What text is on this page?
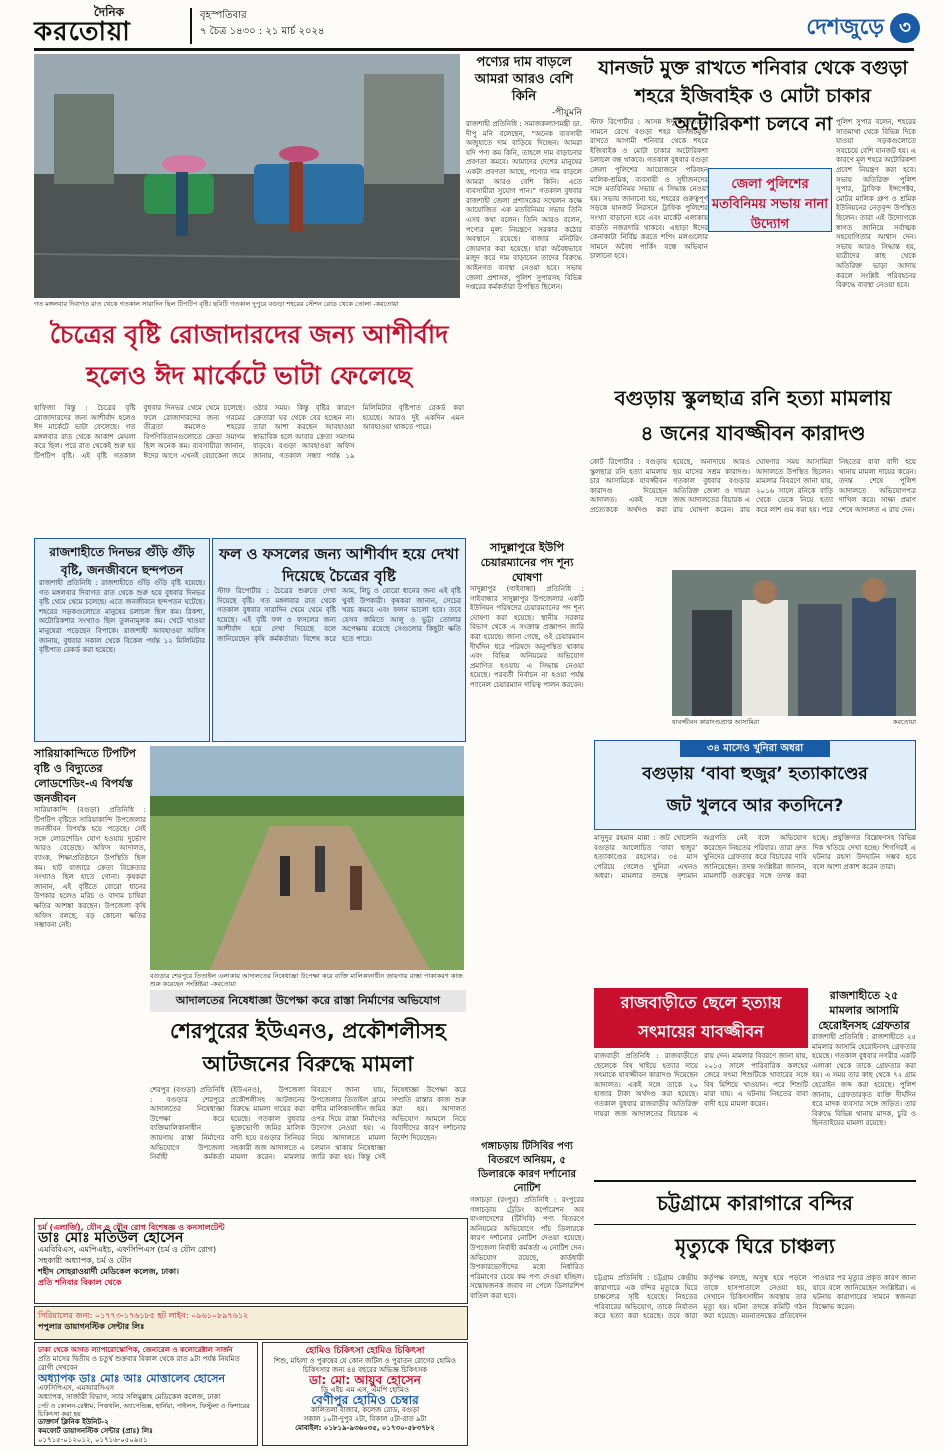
দৈনিক
করতোয়া
বৃহস্পতিবার
৭ চৈত্র ১৪৩০ : ২১ মার্চ ২০২৪	দেশজুড়ে ৩
গত মঙ্গলবার দিবাগত রাত থেকে গতকাল সারাদিন ছিল টিপটিপ বৃষ্টি। ছবিটি গতকাল দুপুরে বগুড়া শহরের স্টেশন রোড থেকে তোলা -করতোয়া
পণ্যের দাম বাড়লে আমরা আরও বেশি কিনি
-পীযুমনি
রাজশাহী প্রতিনিধি : সমাজকল্যাণমন্ত্রী ডা. দীপু মনি বলেছেন, “অনেক ব্যবসায়ী অজুহাতে দাম বাড়িয়ে দিচ্ছেন। আমরা যদি পণ্য কম কিনি, তাহলে দাম বাড়ানোর প্রবণতা কমবে। আমাদের দেশের মানুষের একটা প্রবণতা আছে, পণ্যের দাম বাড়লে আমরা আরও বেশি কিনি। এতে ব্যবসায়ীরা সুযোগ পান।” গতকাল বুধবার রাজশাহী জেলা প্রশাসকের সম্মেলন কক্ষে আয়োজিত এক মতবিনিময় সভায় তিনি এসব কথা বলেন। তিনি আরও বলেন, পণ্যের মূল্য নিয়ন্ত্রণে সরকার কঠোর অবস্থানে রয়েছে। বাজার মনিটরিং জোরদার করা হয়েছে। যারা অবৈধভাবে মজুদ করে দাম বাড়াবেন তাদের বিরুদ্ধে আইনগত ব্যবস্থা নেওয়া হবে। সভায় জেলা প্রশাসক, পুলিশ সুপারসহ বিভিন্ন দপ্তরের কর্মকর্তারা উপস্থিত ছিলেন।
যানজট মুক্ত রাখতে শনিবার থেকে বগুড়া শহরে ইজিবাইক ও মোটা চাকার অটোরিকশা চলবে না
স্টাফ রিপোর্টার : আসন্ন ঈদুল ফিতরকে সামনে রেখে বগুড়া শহর যানজটমুক্ত রাখতে আগামী শনিবার থেকে শহরে ইজিবাইক ও মোটা চাকার অটোরিকশা চলাচল বন্ধ থাকবে। গতকাল বুধবার বগুড়া জেলা পুলিশের আয়োজনে পরিবহন মালিক-শ্রমিক, ব্যবসায়ী ও সুধীজনদের সঙ্গে মতবিনিময় সভায় এ সিদ্ধান্ত নেওয়া হয়। সভায় জানানো হয়, শহরের গুরুত্বপূর্ণ সড়কে যানজট নিরসনে ট্রাফিক পুলিশের সংখ্যা বাড়ানো হবে এবং মার্কেট এলাকায় বাড়তি নজরদারি থাকবে। এছাড়া ঈদের কেনাকাটা নির্বিঘ্ন করতে শপিং মলগুলোর সামনে অবৈধ পার্কিং বন্ধে অভিযান চালানো হবে।
জেলা পুলিশের মতবিনিময় সভায় নানা উদ্যোগ
পুলিশ সুপার বলেন, শহরের সাতমাথা থেকে বিভিন্ন দিকে যাওয়া সড়কগুলোতে সবচেয়ে বেশি যানজট হয়। এ কারণে মূল শহরে অটোরিকশা প্রবেশ নিয়ন্ত্রণ করা হবে। সভায় অতিরিক্ত পুলিশ সুপার, ট্রাফিক ইন্সপেক্টর, মোটর মালিক গ্রুপ ও শ্রমিক ইউনিয়নের নেতৃবৃন্দ উপস্থিত ছিলেন। তারা এই উদ্যোগকে স্বাগত জানিয়ে সর্বাত্মক সহযোগিতার আশ্বাস দেন। সভায় আরও সিদ্ধান্ত হয়, যাত্রীদের কাছ থেকে অতিরিক্ত ভাড়া আদায় করলে সংশ্লিষ্ট পরিবহনের বিরুদ্ধে ব্যবস্থা নেওয়া হবে।
চৈত্রের বৃষ্টি রোজাদারদের জন্য আশীর্বাদ
হলেও ঈদ মার্কেটে ভাটা ফেলেছে
হাফিজা বিন্তু : চৈত্রের বৃষ্টি রোজাদারদের জন্য আশীর্বাদ হলেও ঈদ মার্কেটে ভাটা ফেলেছে। গত মঙ্গলবার রাত থেকে আকাশ মেঘলা করে ছিল। পরে রাত থেকেই শুরু হয় টিপটিপ বৃষ্টি। এই বৃষ্টি গতকাল বুধবার দিনভর থেমে থেমে চলেছে। ফলে রোজাদারদের জন্য গরমের তীব্রতা কমলেও শহরের বিপণিবিতানগুলোতে ক্রেতা সমাগম ছিল অনেক কম। ব্যবসায়ীরা জানান, ঈদের আগে এখনই বেচাকেনা জমে ওঠার সময়। কিন্তু বৃষ্টির কারণে ক্রেতারা ঘর থেকে বের হচ্ছেন না। তারা আশা করছেন আবহাওয়া স্বাভাবিক হলে আবার ক্রেতা সমাগম বাড়বে। বগুড়া আবহাওয়া অফিস জানায়, গতকাল সন্ধ্যা পর্যন্ত ১৯ মিলিমিটার বৃষ্টিপাত রেকর্ড করা হয়েছে। আরও দুই একদিন এমন আবহাওয়া থাকতে পারে।
বগুড়ায় স্কুলছাত্র রনি হত্যা মামলায়
৪ জনের যাবজ্জীবন কারাদণ্ড
কোর্ট রিপোর্টার : বগুড়ায় স্কুলছাত্র রনি হত্যা মামলায় চার আসামিকে যাবজ্জীবন কারাদণ্ড দিয়েছেন আদালত। একই সঙ্গে প্রত্যেককে অর্থদণ্ড করা হয়েছে, অনাদায়ে আরও ছয় মাসের সশ্রম কারাদণ্ড। গতকাল বুধবার বগুড়ার অতিরিক্ত জেলা ও দায়রা জজ আদালতের বিচারক এ রায় ঘোষণা করেন। রায় ঘোষণার সময় আসামিরা আদালতে উপস্থিত ছিলেন। মামলার বিবরণে জানা যায়, ২০১৬ সালে রনিকে বাড়ি থেকে ডেকে নিয়ে হত্যা করে লাশ গুম করা হয়। পরে নিহতের বাবা বাদী হয়ে থানায় মামলা দায়ের করেন। তদন্ত শেষে পুলিশ আদালতে অভিযোগপত্র দাখিল করে। সাক্ষ্য প্রমাণ শেষে আদালত এ রায় দেন।
যাবজ্জীবন কারাদণ্ডপ্রাপ্ত আসামিরা	করতোয়া
রাজশাহীতে দিনভর গুঁড়ি গুঁড়ি বৃষ্টি, জনজীবনে ছন্দপতন
রাজশাহী প্রতিনিধি : রাজশাহীতে গুঁড়ি গুঁড়ি বৃষ্টি হয়েছে। গত মঙ্গলবার দিবাগত রাত থেকে শুরু হয়ে বুধবার দিনভর বৃষ্টি থেমে থেমে চলেছে। এতে জনজীবনে ছন্দপতন ঘটেছে। শহরের সড়কগুলোতে মানুষের চলাচল ছিল কম। রিকশা, অটোরিকশার সংখ্যাও ছিল তুলনামূলক কম। খেটে খাওয়া মানুষেরা পড়েছেন বিপাকে। রাজশাহী আবহাওয়া অফিস জানায়, বুধবার সকাল থেকে বিকেল পর্যন্ত ১২ মিলিমিটার বৃষ্টিপাত রেকর্ড করা হয়েছে।
ফল ও ফসলের জন্য আশীর্বাদ হয়ে দেখা দিয়েছে চৈত্রের বৃষ্টি
স্টাফ রিপোর্টার : চৈত্রের শুরুতে দেখা দিয়েছে বৃষ্টি। গত মঙ্গলবার রাত থেকে গতকাল বুধবার সারাদিন থেমে থেমে বৃষ্টি হয়েছে। এই বৃষ্টি ফল ও ফসলের জন্য আশীর্বাদ হয়ে দেখা দিয়েছে বলে জানিয়েছেন কৃষি কর্মকর্তারা। বিশেষ করে আম, লিচু ও বোরো ধানের জন্য এই বৃষ্টি খুবই উপকারী। কৃষকরা জানান, সেচের খরচ কমবে এবং ফলন ভালো হবে। তবে যেসব জমিতে আলু ও ভুট্টা তোলার অপেক্ষায় রয়েছে সেগুলোর কিছুটা ক্ষতি হতে পারে।
সারিয়াকান্দিতে টিপটিপ বৃষ্টি ও বিদ্যুতের লোডশেডিং-এ বিপর্যস্ত জনজীবন
সারিয়াকান্দি (বগুড়া) প্রতিনিধি : টিপটিপ বৃষ্টিতে সারিয়াকান্দি উপজেলার জনজীবন বিপর্যস্ত হয়ে পড়েছে। সেই সঙ্গে লোডশেডিং যোগ হওয়ায় দুর্ভোগ আরও বেড়েছে। অফিস আদালত, ব্যাংক, শিক্ষাপ্রতিষ্ঠানে উপস্থিতি ছিল কম। হাট বাজারে ক্রেতা বিক্রেতার সংখ্যাও ছিল হাতে গোনা। কৃষকরা জানান, এই বৃষ্টিতে বোরো ধানের উপকার হলেও মরিচ ও বাদাম চাষিরা ক্ষতির আশঙ্কা করছেন। উপজেলা কৃষি অফিস বলছে, বড় কোনো ক্ষতির সম্ভাবনা নেই।
বগুড়ার শেরপুরে তিতাইল এলাকায় আদালতের নিষেধাজ্ঞা উপেক্ষা করে ব্যক্তি মালিকানাধীন জায়গায় রাস্তা পাকাকরণ কাজ শুরু করেছেন সংশ্লিষ্টরা -করতোয়া
আদালতের নিষেধাজ্ঞা উপেক্ষা করে রাস্তা নির্মাণের অভিযোগ
শেরপুরের ইউএনও, প্রকৌশলীসহ
আটজনের বিরুদ্ধে মামলা
শেরপুর (বগুড়া) প্রতিনিধি : বগুড়ার শেরপুরে আদালতের নিষেধাজ্ঞা উপেক্ষা করে ব্যক্তিমালিকানাধীন জায়গায় রাস্তা নির্মাণের অভিযোগে উপজেলা নির্বাহী কর্মকর্তা (ইউএনও), উপজেলা প্রকৌশলীসহ আটজনের বিরুদ্ধে মামলা দায়ের করা হয়েছে। গতকাল বুধবার ভুক্তভোগী জমির মালিক বাদী হয়ে বগুড়ার সিনিয়র সহকারী জজ আদালতে এ মামলা করেন। মামলার বিবরণে জানা যায়, উপজেলার তিতাইল গ্রামে বাদীর মালিকানাধীন জমির ওপর দিয়ে রাস্তা নির্মাণের উদ্যোগ নেওয়া হয়। এ নিয়ে আদালতে মামলা চলমান থাকায় নিষেধাজ্ঞা জারি করা হয়। কিন্তু সেই নিষেধাজ্ঞা উপেক্ষা করে সম্প্রতি রাস্তার কাজ শুরু করা হয়। আদালত অভিযোগ আমলে নিয়ে বিবাদীদের কারণ দর্শানোর নির্দেশ দিয়েছেন।
সাদুল্লাপুরে ইউপি চেয়ারম্যানের পদ শূন্য ঘোষণা
সাদুল্লাপুর (গাইবান্ধা) প্রতিনিধি : গাইবান্ধার সাদুল্লাপুর উপজেলার একটি ইউনিয়ন পরিষদের চেয়ারম্যানের পদ শূন্য ঘোষণা করা হয়েছে। স্থানীয় সরকার বিভাগ থেকে এ সংক্রান্ত প্রজ্ঞাপন জারি করা হয়েছে। জানা গেছে, ওই চেয়ারম্যান দীর্ঘদিন ধরে পরিষদে অনুপস্থিত থাকায় এবং বিভিন্ন অনিয়মের অভিযোগ প্রমাণিত হওয়ায় এ সিদ্ধান্ত নেওয়া হয়েছে। পরবর্তী নির্বাচন না হওয়া পর্যন্ত প্যানেল চেয়ারম্যান দায়িত্ব পালন করবেন।
গঙ্গাচড়ায় টিসিবির পণ্য বিতরণে অনিয়ম, ৫ ডিলারকে কারণ দর্শানোর নোটিশ
গঙ্গাচড়া (রংপুর) প্রতিনিধি : রংপুরের গঙ্গাচড়ায় ট্রেডিং কর্পোরেশন অব বাংলাদেশের (টিসিবি) পণ্য বিতরণে অনিয়মের অভিযোগে পাঁচ ডিলারকে কারণ দর্শানোর নোটিশ দেওয়া হয়েছে। উপজেলা নির্বাহী কর্মকর্তা এ নোটিশ দেন। অভিযোগ রয়েছে, কার্ডধারী উপকারভোগীদের মধ্যে নির্ধারিত পরিমাণের চেয়ে কম পণ্য দেওয়া হচ্ছিল। সন্তোষজনক জবাব না পেলে ডিলারশিপ বাতিল করা হবে।
৩৪ মাসেও খুনিরা অধরা
বগুড়ায় ‘বাবা হুজুর’ হত্যাকাণ্ডের
জট খুলবে আর কতদিনে?
মাসুদুর রহমান মান্না : জট খোলেনি বগুড়ার আলোচিত ‘বাবা হুজুর’ হত্যাকাণ্ডের রহস্যের। ৩৪ মাস পেরিয়ে গেলেও খুনিরা এখনও অধরা। মামলার তদন্তে দৃশ্যমান অগ্রগতি নেই বলে অভিযোগ করেছেন নিহতের পরিবার। তারা দ্রুত খুনিদের গ্রেফতার করে বিচারের দাবি জানিয়েছেন। তদন্ত সংশ্লিষ্টরা জানান, মামলাটি গুরুত্বের সঙ্গে তদন্ত করা হচ্ছে। প্রযুক্তিগত বিশ্লেষণসহ বিভিন্ন দিক খতিয়ে দেখা হচ্ছে। শিগগিরই এ ঘটনার রহস্য উদঘাটন সম্ভব হবে বলে আশা প্রকাশ করেন তারা।
রাজবাড়ীতে ছেলে হত্যায়
সৎমায়ের যাবজ্জীবন
রাজবাড়ী প্রতিনিধি : রাজবাড়ীতে ছেলেকে বিষ খাইয়ে হত্যার দায়ে সৎমাকে যাবজ্জীবন কারাদণ্ড দিয়েছেন আদালত। একই সঙ্গে তাকে ২০ হাজার টাকা অর্থদণ্ড করা হয়েছে। গতকাল বুধবার রাজবাড়ীর অতিরিক্ত দায়রা জজ আদালতের বিচারক এ রায় দেন। মামলার বিবরণে জানা যায়, ২০১৫ সালে পারিবারিক কলহের জেরে সৎমা শিশুটিকে খাবারের সঙ্গে বিষ মিশিয়ে খাওয়ান। পরে শিশুটি মারা যায়। এ ঘটনায় নিহতের বাবা বাদী হয়ে মামলা করেন।
রাজশাহীতে ২৫ মামলার আসামি হেরোইনসহ গ্রেফতার
রাজশাহী প্রতিনিধি : রাজশাহীতে ২৫ মামলার আসামি হেরোইনসহ গ্রেফতার হয়েছে। গতকাল বুধবার নগরীর একটি এলাকা থেকে তাকে গ্রেফতার করা হয়। এ সময় তার কাছ থেকে ৭২ গ্রাম হেরোইন জব্দ করা হয়েছে। পুলিশ জানায়, গ্রেফতারকৃত ব্যক্তি দীর্ঘদিন ধরে মাদক ব্যবসার সঙ্গে জড়িত। তার বিরুদ্ধে বিভিন্ন থানায় মাদক, চুরি ও ছিনতাইয়ের মামলা রয়েছে।
চট্টগ্রামে কারাগারে বন্দির
মৃত্যুকে ঘিরে চাঞ্চল্য
চট্টগ্রাম প্রতিনিধি : চট্টগ্রাম কেন্দ্রীয় কারাগারে এক বন্দির মৃত্যুকে ঘিরে চাঞ্চল্যের সৃষ্টি হয়েছে। নিহতের পরিবারের অভিযোগ, তাকে নির্যাতন করে হত্যা করা হয়েছে। তবে কারা কর্তৃপক্ষ বলছে, অসুস্থ হয়ে পড়লে তাকে হাসপাতালে নেওয়া হয়, সেখানে চিকিৎসাধীন অবস্থায় তার মৃত্যু হয়। ঘটনা তদন্তে কমিটি গঠন করা হয়েছে। ময়নাতদন্তের প্রতিবেদন পাওয়ার পর মৃত্যুর প্রকৃত কারণ জানা যাবে বলে জানিয়েছেন সংশ্লিষ্টরা। এ ঘটনায় কারাগারের সামনে স্বজনরা বিক্ষোভ করেন।
চর্ম (এলার্জি), যৌন ও যৌন রোগ বিশেষজ্ঞ ও কনসালটেন্ট
ডাঃ মোঃ মতিউল হোসেন
এমবিবিএস, এমপিএইচ, এফসিপিএস (চর্ম ও যৌন রোগ)
সহকারী অধ্যাপক, চর্ম ও যৌন
শহীদ সোহরাওয়ার্দী মেডিকেল কলেজ, ঢাকা।
প্রতি শনিবার বিকাল থেকে
সিরিয়ালের জন্য: ০১৭৭৩-১৭৬১৮৫ হট লাইন: ০৯৬১০৮৯৭৬১২
পপুলার ডায়াগনস্টিক সেন্টার লিঃ
ঢাকা থেকে আগত ল্যাপারোস্কোপিক, জেনারেল ও কলোরেক্টাল সার্জন
প্রতি মাসের দ্বিতীয় ও চতুর্থ শুক্রবার বিকাল থেকে রাত ৯টা পর্যন্ত নিয়মিত রোগী দেখবেন
অধ্যাপক ডাঃ মোঃ আঃ মোত্তালেব হোসেন
এফসিপিএস, এমআরসিএস
অধ্যাপক, সার্জারী বিভাগ, স্যার সলিমুল্লাহ মেডিকেল কলেজ, ঢাকা
পেট ও কোলন-রেক্টাম, পিত্তথলি, অ্যাপেন্ডিক্স, হার্নিয়া, পাইলস, ফিস্টুলা ও ফিশারের চিকিৎসা করা হয়
ডাক্তার্স ক্লিনিক ইউনিট-২
কমফোর্ট ডায়াগনস্টিক সেন্টার (প্রাঃ) লিঃ
০১৭১৫-০১২০১২, ০১৭১৬-০৫০৯৫১
হোমিও চিকিৎসা হোমিও চিকিৎসা
শিশু, মহিলা ও পুরুষের যে কোন জটিল ও পুরাতন রোগের হোমিও চিকিৎসার জন্য ৪৪ বছরের অভিজ্ঞ চিকিৎসক
ডা: মো: আয়ুব হোসেন
ডি এইচ এম এস, এমপি হোমিও
বেণীপুর হোমিও চেম্বার
কালিতলা বাজার, কলেজ রোড, বগুড়া
সকাল ১০টা-দুপুর ২টা, বিকাল ৫টা-রাত ৯টা
মোবাইল: ০১৮১৯-৯৩৬০৩৫, ০১৭৩০-৫৮৩৭৮২
